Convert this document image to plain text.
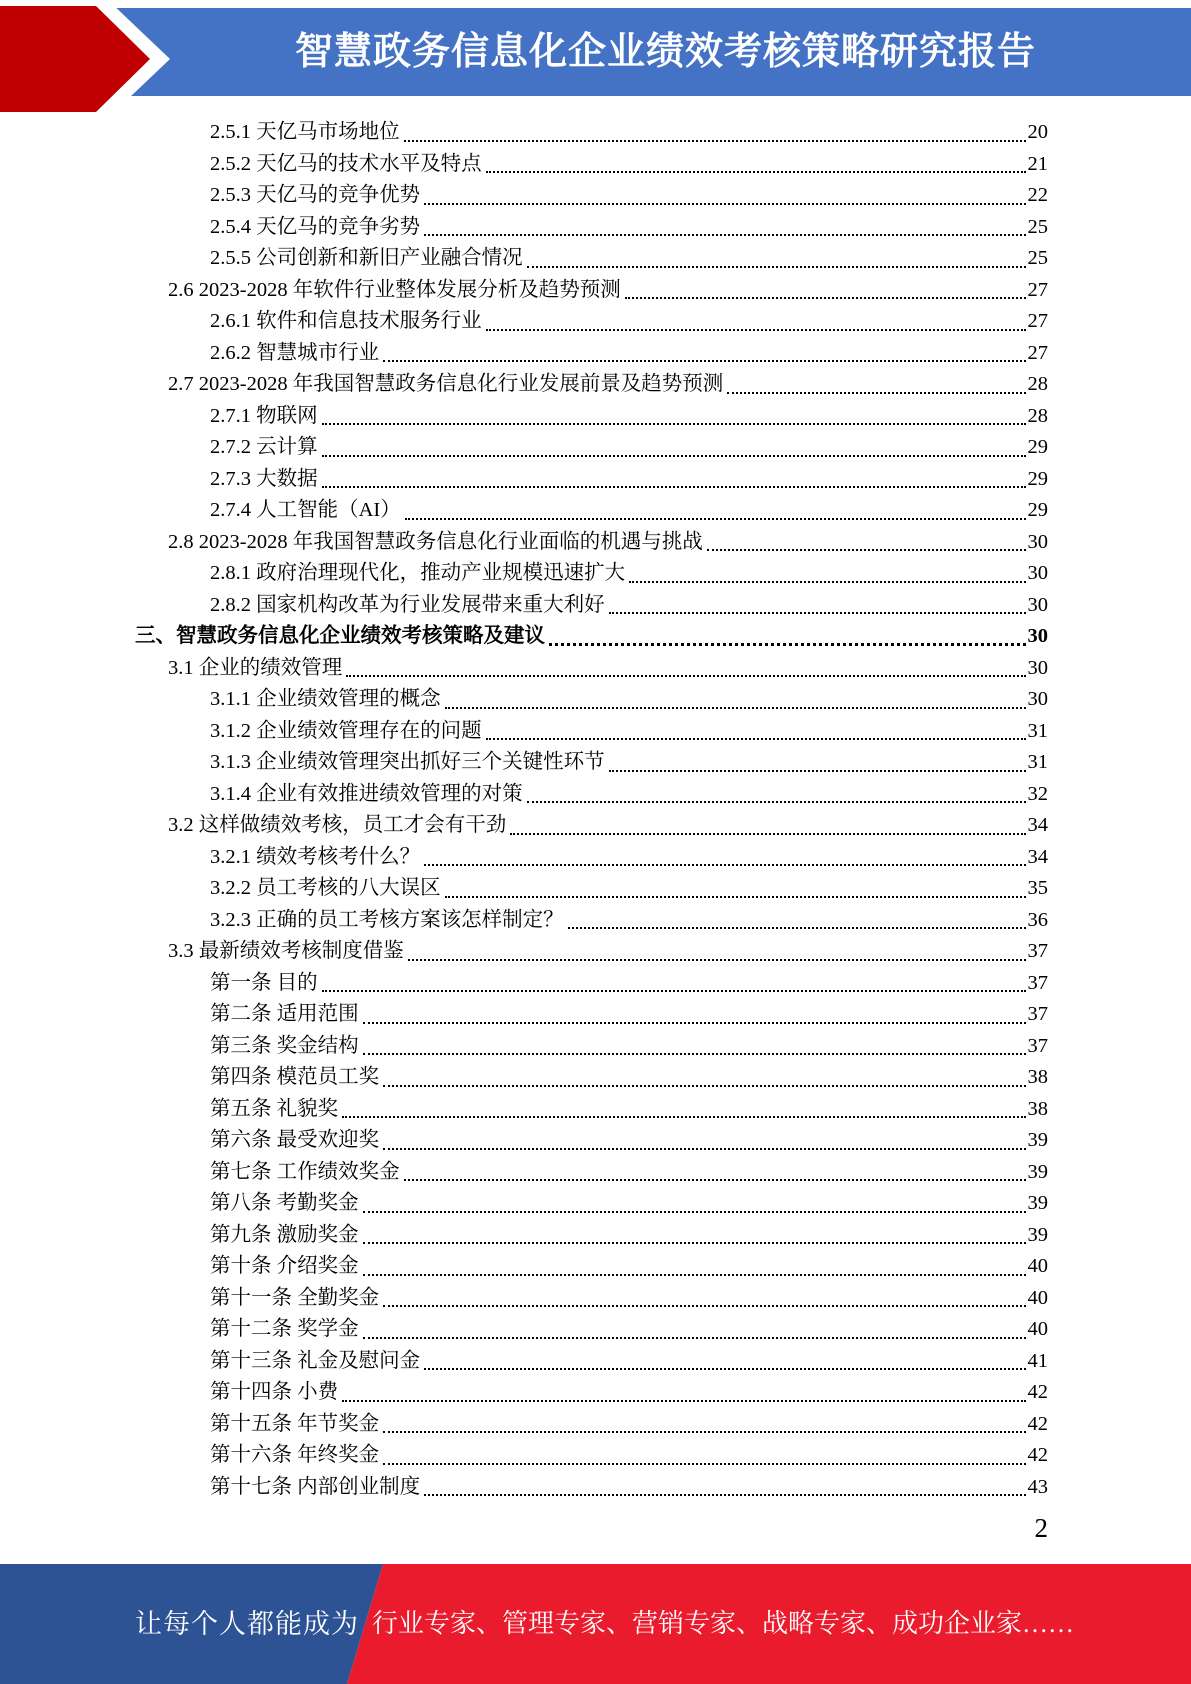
智慧政务信息化企业绩效考核策略研究报告
2.5.1 天亿马市场地位	20
2.5.2 天亿马的技术水平及特点	21
2.5.3 天亿马的竞争优势	22
2.5.4 天亿马的竞争劣势	25
2.5.5 公司创新和新旧产业融合情况	25
2.6 2023-2028 年软件行业整体发展分析及趋势预测	27
2.6.1 软件和信息技术服务行业	27
2.6.2 智慧城市行业	27
2.7 2023-2028 年我国智慧政务信息化行业发展前景及趋势预测	28
2.7.1 物联网	28
2.7.2 云计算	29
2.7.3 大数据	29
2.7.4 人工智能（AI）	29
2.8 2023-2028 年我国智慧政务信息化行业面临的机遇与挑战	30
2.8.1 政府治理现代化，推动产业规模迅速扩大	30
2.8.2 国家机构改革为行业发展带来重大利好	30
三、智慧政务信息化企业绩效考核策略及建议	30
3.1 企业的绩效管理	30
3.1.1 企业绩效管理的概念	30
3.1.2 企业绩效管理存在的问题	31
3.1.3 企业绩效管理突出抓好三个关键性环节	31
3.1.4 企业有效推进绩效管理的对策	32
3.2 这样做绩效考核，员工才会有干劲	34
3.2.1 绩效考核考什么？	34
3.2.2 员工考核的八大误区	35
3.2.3 正确的员工考核方案该怎样制定？	36
3.3 最新绩效考核制度借鉴	37
第一条 目的	37
第二条 适用范围	37
第三条 奖金结构	37
第四条 模范员工奖	38
第五条 礼貌奖	38
第六条 最受欢迎奖	39
第七条 工作绩效奖金	39
第八条 考勤奖金	39
第九条 激励奖金	39
第十条 介绍奖金	40
第十一条 全勤奖金	40
第十二条 奖学金	40
第十三条 礼金及慰问金	41
第十四条 小费	42
第十五条 年节奖金	42
第十六条 年终奖金	42
第十七条 内部创业制度	43
2
让每个人都能成为 行业专家、管理专家、营销专家、战略专家、成功企业家……
